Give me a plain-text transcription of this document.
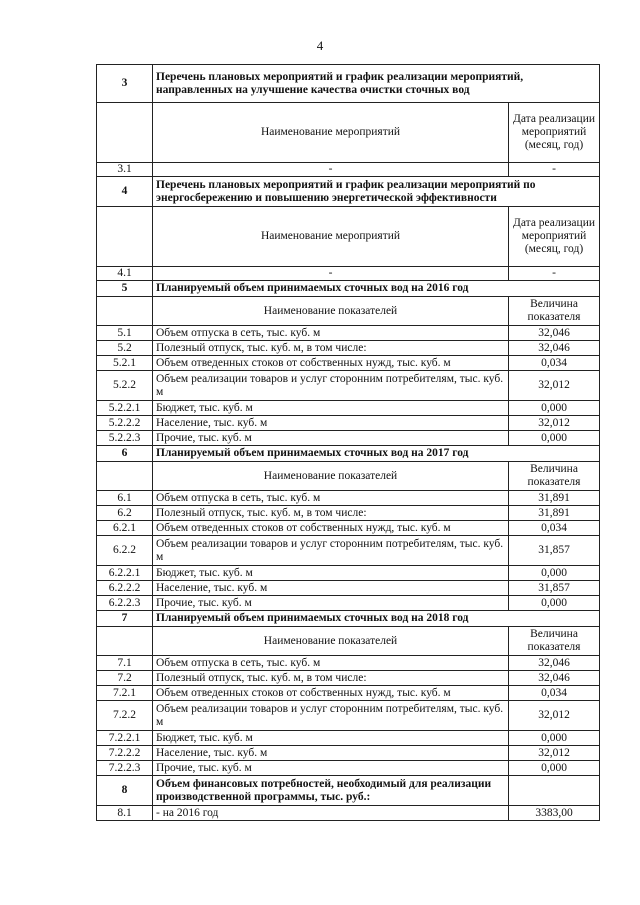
4
3	Перечень плановых мероприятий и график реализации мероприятий, направленных на улучшение качества очистки сточных вод	
	Наименование мероприятий	Дата реализации мероприятий (месяц, год)
3.1	-	-
4	Перечень плановых мероприятий и график реализации мероприятий по энергосбережению и повышению энергетической эффективности	
	Наименование мероприятий	Дата реализации мероприятий (месяц, год)
4.1	-	-
5	Планируемый объем принимаемых сточных вод на 2016 год	
	Наименование показателей	Величина показателя
5.1	Объем отпуска в сеть, тыс. куб. м	32,046
5.2	Полезный отпуск, тыс. куб. м, в том числе:	32,046
5.2.1	Объем отведенных стоков от собственных нужд, тыс. куб. м	0,034
5.2.2	Объем реализации товаров и услуг сторонним потребителям, тыс. куб. м	32,012
5.2.2.1	Бюджет, тыс. куб. м	0,000
5.2.2.2	Население, тыс. куб. м	32,012
5.2.2.3	Прочие, тыс. куб. м	0,000
6	Планируемый объем принимаемых сточных вод на 2017 год	
	Наименование показателей	Величина показателя
6.1	Объем отпуска в сеть, тыс. куб. м	31,891
6.2	Полезный отпуск, тыс. куб. м, в том числе:	31,891
6.2.1	Объем отведенных стоков от собственных нужд, тыс. куб. м	0,034
6.2.2	Объем реализации товаров и услуг сторонним потребителям, тыс. куб. м	31,857
6.2.2.1	Бюджет, тыс. куб. м	0,000
6.2.2.2	Население, тыс. куб. м	31,857
6.2.2.3	Прочие, тыс. куб. м	0,000
7	Планируемый объем принимаемых сточных вод на 2018 год	
	Наименование показателей	Величина показателя
7.1	Объем отпуска в сеть, тыс. куб. м	32,046
7.2	Полезный отпуск, тыс. куб. м, в том числе:	32,046
7.2.1	Объем отведенных стоков от собственных нужд, тыс. куб. м	0,034
7.2.2	Объем реализации товаров и услуг сторонним потребителям, тыс. куб. м	32,012
7.2.2.1	Бюджет, тыс. куб. м	0,000
7.2.2.2	Население, тыс. куб. м	32,012
7.2.2.3	Прочие, тыс. куб. м	0,000
8	Объем финансовых потребностей, необходимый для реализации производственной программы, тыс. руб.:	
8.1	- на 2016 год	3383,00
